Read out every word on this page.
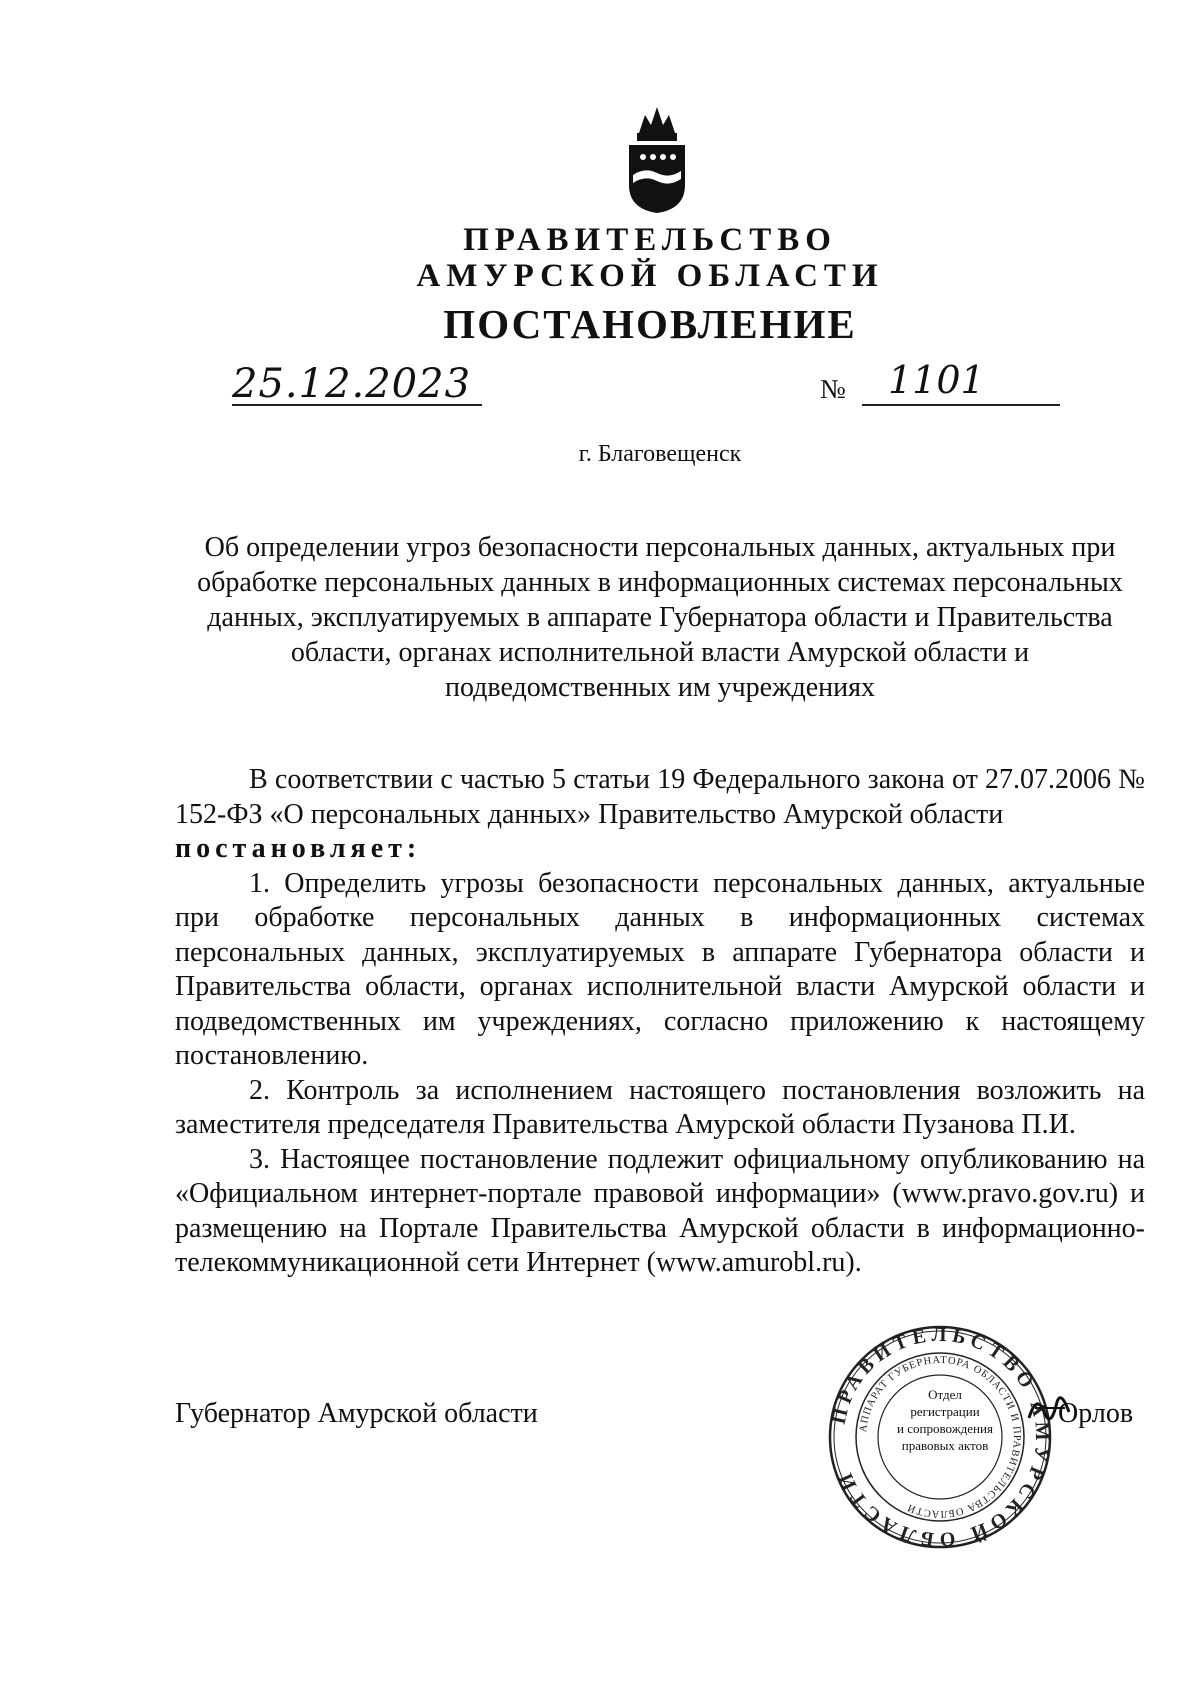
ПРАВИТЕЛЬСТВО
АМУРСКОЙ ОБЛАСТИ
ПОСТАНОВЛЕНИЕ
25.12.2023	№ 1101
г. Благовещенск
Об определении угроз безопасности персональных данных, актуальных при
обработке персональных данных в информационных системах персональных
данных, эксплуатируемых в аппарате Губернатора области и Правительства
области, органах исполнительной власти Амурской области и
подведомственных им учреждениях
В соответствии с частью 5 статьи 19 Федерального закона от 27.07.2006 № 152-ФЗ «О персональных данных» Правительство Амурской области
постановляет:
1. Определить угрозы безопасности персональных данных, актуальные при обработке персональных данных в информационных системах персональных данных, эксплуатируемых в аппарате Губернатора области и Правительства области, органах исполнительной власти Амурской области и подведомственных им учреждениях, согласно приложению к настоящему постановлению.
2. Контроль за исполнением настоящего постановления возложить на заместителя председателя Правительства Амурской области Пузанова П.И.
3. Настоящее постановление подлежит официальному опубликованию на «Официальном интернет-портале правовой информации» (www.pravo.gov.ru) и размещению на Портале Правительства Амурской области в информационно-телекоммуникационной сети Интернет (www.amurobl.ru).
Губернатор Амурской области	ПРАВИТЕЛЬСТВО АМУРСКОЙ ОБЛАСТИ
АППАРАТ ГУБЕРНАТОРА ОБЛАСТИ И ПРАВИТЕЛЬСТВА ОБЛАСТИ
Отдел
регистрации
и сопровождения
правовых актов
Орлов
